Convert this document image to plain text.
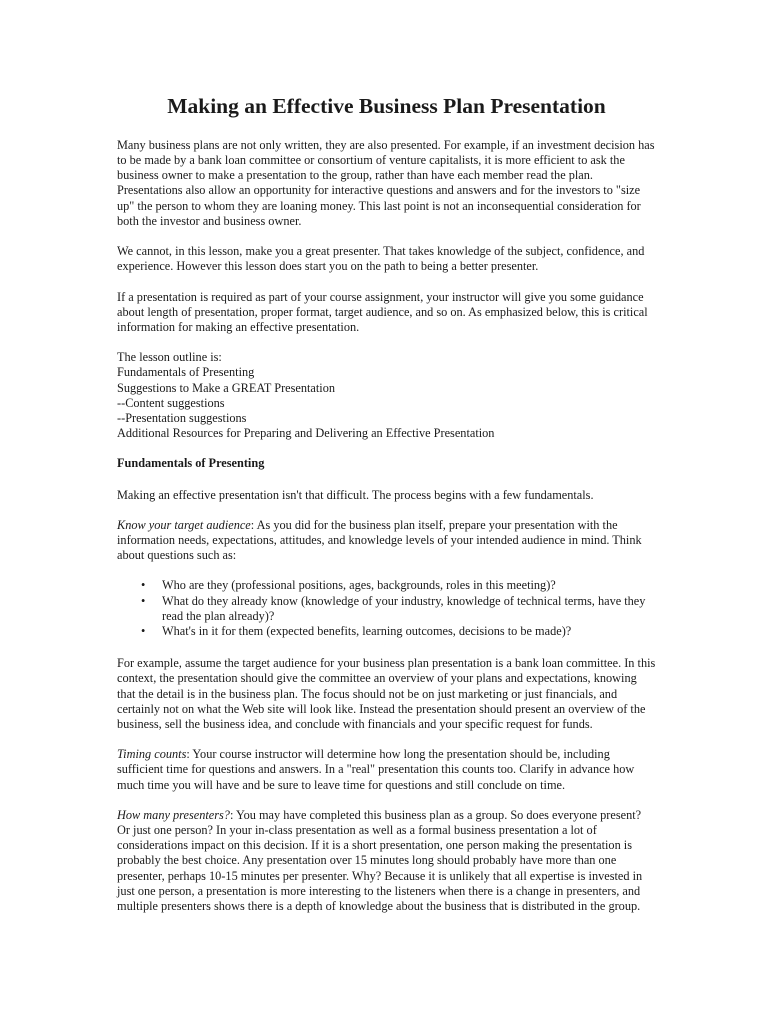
Making an Effective Business Plan Presentation

Many business plans are not only written, they are also presented. For example, if an investment decision has to be made by a bank loan committee or consortium of venture capitalists, it is more efficient to ask the business owner to make a presentation to the group, rather than have each member read the plan. Presentations also allow an opportunity for interactive questions and answers and for the investors to "size up" the person to whom they are loaning money. This last point is not an inconsequential consideration for both the investor and business owner.

We cannot, in this lesson, make you a great presenter. That takes knowledge of the subject, confidence, and experience. However this lesson does start you on the path to being a better presenter.

If a presentation is required as part of your course assignment, your instructor will give you some guidance about length of presentation, proper format, target audience, and so on. As emphasized below, this is critical information for making an effective presentation.

The lesson outline is:
Fundamentals of Presenting
Suggestions to Make a GREAT Presentation
--Content suggestions
--Presentation suggestions
Additional Resources for Preparing and Delivering an Effective Presentation

Fundamentals of Presenting

Making an effective presentation isn't that difficult. The process begins with a few fundamentals.

Know your target audience: As you did for the business plan itself, prepare your presentation with the information needs, expectations, attitudes, and knowledge levels of your intended audience in mind. Think about questions such as:

• Who are they (professional positions, ages, backgrounds, roles in this meeting)?
• What do they already know (knowledge of your industry, knowledge of technical terms, have they read the plan already)?
• What's in it for them (expected benefits, learning outcomes, decisions to be made)?

For example, assume the target audience for your business plan presentation is a bank loan committee. In this context, the presentation should give the committee an overview of your plans and expectations, knowing that the detail is in the business plan. The focus should not be on just marketing or just financials, and certainly not on what the Web site will look like. Instead the presentation should present an overview of the business, sell the business idea, and conclude with financials and your specific request for funds.

Timing counts: Your course instructor will determine how long the presentation should be, including sufficient time for questions and answers. In a "real" presentation this counts too. Clarify in advance how much time you will have and be sure to leave time for questions and still conclude on time.

How many presenters?: You may have completed this business plan as a group. So does everyone present? Or just one person? In your in-class presentation as well as a formal business presentation a lot of considerations impact on this decision. If it is a short presentation, one person making the presentation is probably the best choice. Any presentation over 15 minutes long should probably have more than one presenter, perhaps 10-15 minutes per presenter. Why? Because it is unlikely that all expertise is invested in just one person, a presentation is more interesting to the listeners when there is a change in presenters, and multiple presenters shows there is a depth of knowledge about the business that is distributed in the group.
